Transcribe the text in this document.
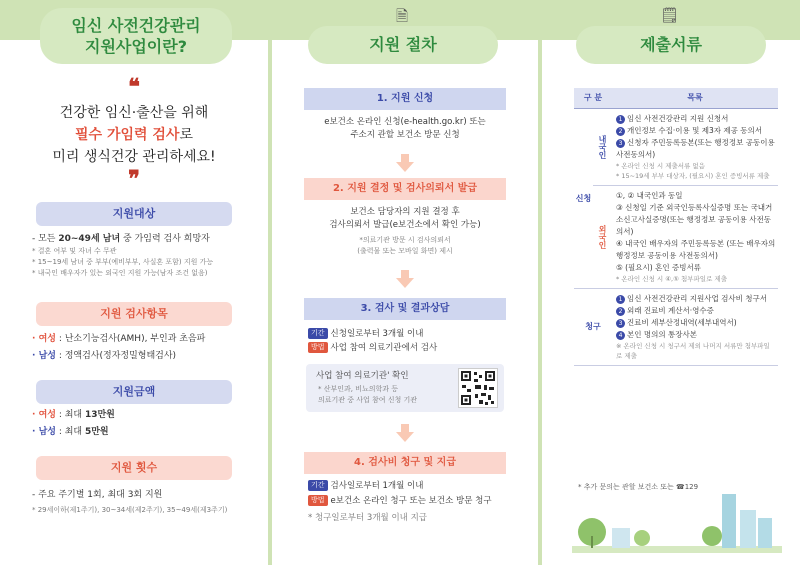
임신 사전건강관리
지원사업이란?
❝
건강한 임신·출산을 위해
필수 가임력 검사로
미리 생식건강 관리하세요!
❞
지원대상
- 모든 20~49세 남녀 중 가임력 검사 희망자
* 결혼 여부 및 자녀 수 무관
* 15~19세 남녀 중 부부(예비부부, 사실혼 포함) 지원 가능
* 내국인 배우자가 있는 외국인 지원 가능(남자 조건 없음)
지원 검사항목
· 여성 : 난소기능검사(AMH), 부인과 초음파
· 남성 : 정액검사(정자정밀형태검사)
지원금액
· 여성 : 최대 13만원
· 남성 : 최대 5만원
지원 횟수
- 주요 주기별 1회, 최대 3회 지원
* 29세이하(제1주기), 30~34세(제2주기), 35~49세(제3주기)
🗎
지원 절차
1. 지원 신청
e보건소 온라인 신청(e-health.go.kr) 또는
주소지 관할 보건소 방문 신청
2. 지원 결정 및 검사의뢰서 발급
보건소 담당자의 지원 결정 후
검사의뢰서 발급(e보건소에서 확인 가능)
*의료기관 방문 시 검사의뢰서
(출력물 또는 모바일 화면) 제시
3. 검사 및 결과상담
기간 신청일로부터 3개월 이내
방법 사업 참여 의료기관에서 검사
사업 참여 의료기관' 확인
* 산부인과, 비뇨의학과 등
의료기관 중 사업 참여 신청 기관
4. 검사비 청구 및 지급
기간 검사일로부터 1개월 이내
방법 e보건소 온라인 청구 또는 보건소 방문 청구
* 청구일로부터 3개월 이내 지급
🗒
제출서류
구 분		목록
신청	내국인	1 임신 사전건강관리 지원 신청서
2 개인정보 수집·이용 및 제3자 제공 동의서
3 신청자 주민등록등본(또는 행정정보 공동이용 사전동의서)
* 온라인 신청 시 제출서류 없음
* 15~19세 부부 대상자, (필요시) 혼인 증빙서류 제출

	외국인	①, ② 내국인과 동일
③ 신청일 기준 외국인등록사실증명 또는 국내거소신고사실증명(또는 행정정보 공동이용 사전동의서)
④ 내국인 배우자의 주민등록등본 (또는 배우자의 행정정보 공동이용 사전동의서)
⑤ (필요시) 혼인 증빙서류
* 온라인 신청 시 ④,⑤ 첨부파일로 제출

청구		1 임신 사전건강관리 지원사업 검사비 청구서
2 외래 진료비 계산서·영수증
3 진료비 세부산정내역(세부내역서)
4 본인 명의의 통장사본
※ 온라인 신청 시 청구서 제외 나머지 서류만 첨부파일로 제출
* 추가 문의는 관할 보건소 또는 ☎129
